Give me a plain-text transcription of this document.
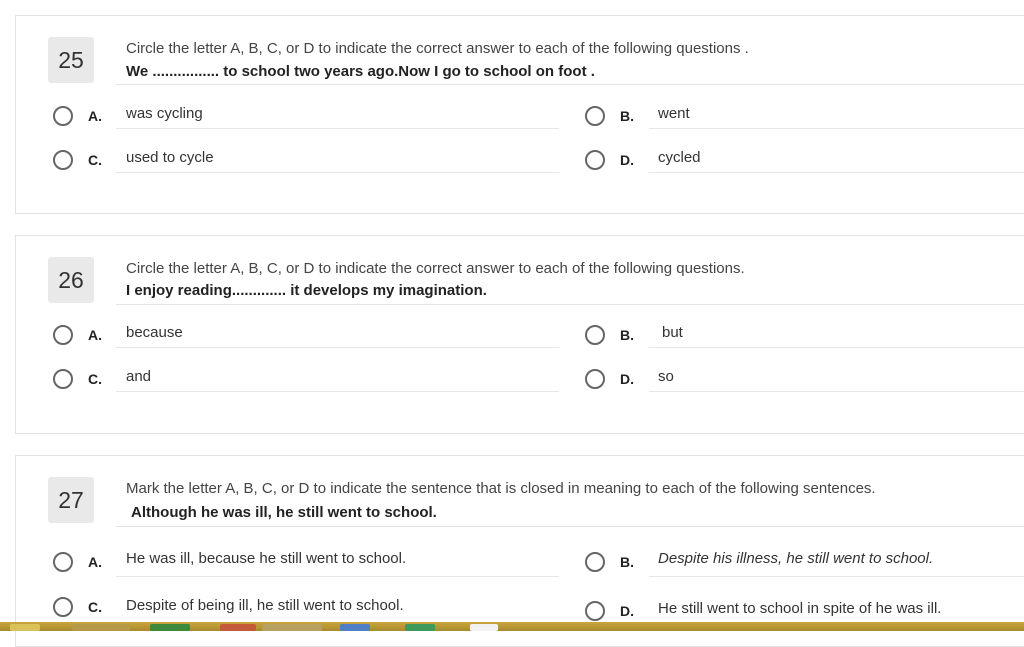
25	Circle the letter A, B, C, or D to indicate the correct answer to each of the following questions .
We ................ to school two years ago.Now I go to school on foot .
A. was cycling	B. went
C. used to cycle	D. cycled
26	Circle the letter A, B, C, or D to indicate the correct answer to each of the following questions.
I enjoy reading............. it develops my imagination.
A. because	B. but
C. and	D. so
27	Mark the letter A, B, C, or D to indicate the sentence that is closed in meaning to each of the following sentences.
Although he was ill, he still went to school.
A. He was ill, because he still went to school.	B. Despite his illness, he still went to school.
C. Despite of being ill, he still went to school.	D. He still went to school in spite of he was ill.
